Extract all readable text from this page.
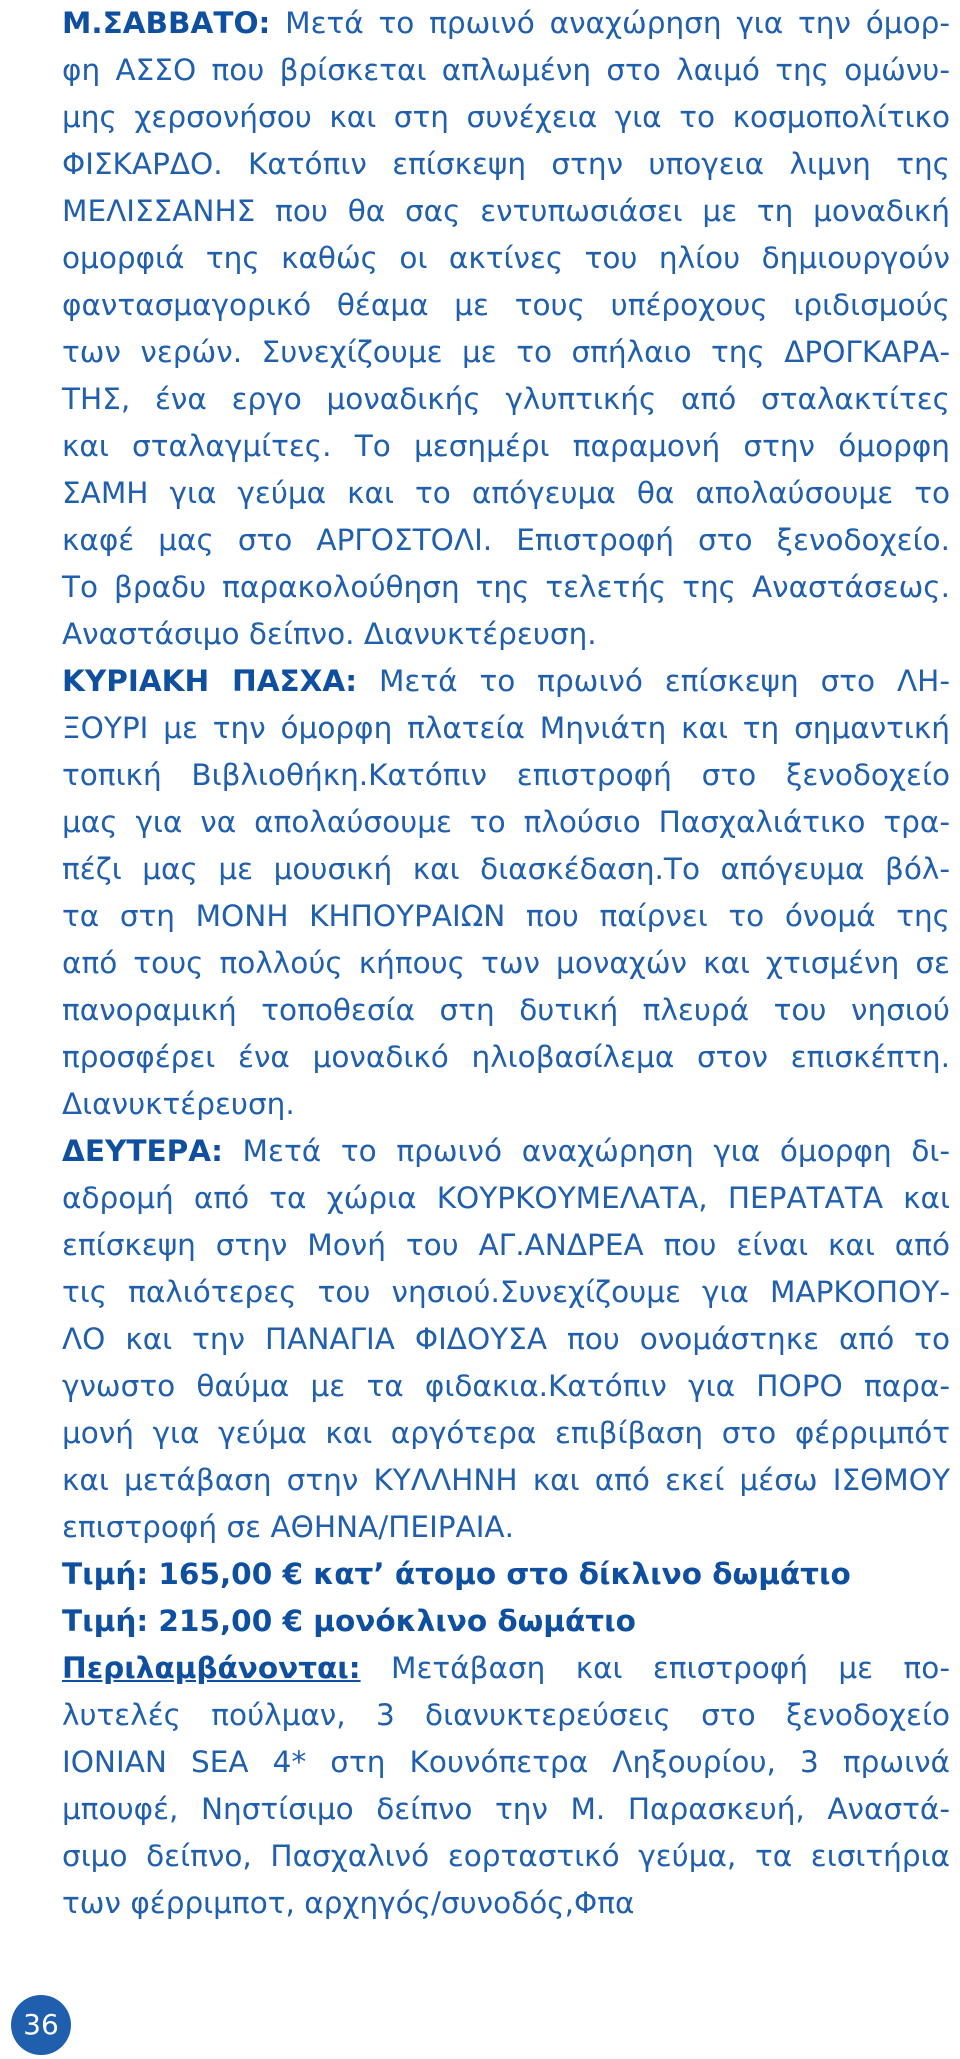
Μ.ΣΑΒΒΑΤΟ: Μετά το πρωινό αναχώρηση για την όμορ-
φη ΑΣΣΟ που βρίσκεται απλωμένη στο λαιμό της ομώνυ-
μης χερσονήσου και στη συνέχεια για το κοσμοπολίτικο
ΦΙΣΚΑΡΔΟ. Κατόπιν επίσκεψη στην υπογεια λιμνη της
ΜΕΛΙΣΣΑΝΗΣ που θα σας εντυπωσιάσει με τη μοναδική
ομορφιά της καθώς οι ακτίνες του ηλίου δημιουργούν
φαντασμαγορικό θέαμα με τους υπέροχους ιριδισμούς
των νερών. Συνεχίζουμε με το σπήλαιο της ΔΡΟΓΚΑΡΑ-
ΤΗΣ, ένα εργο μοναδικής γλυπτικής από σταλακτίτες
και σταλαγμίτες. Το μεσημέρι παραμονή στην όμορφη
ΣΑΜΗ για γεύμα και το απόγευμα θα απολαύσουμε το
καφέ μας στο ΑΡΓΟΣΤΟΛΙ. Επιστροφή στο ξενοδοχείο.
Το βραδυ παρακολούθηση της τελετής της Αναστάσεως.
Αναστάσιμο δείπνο. Διανυκτέρευση.
ΚΥΡΙΑΚΗ ΠΑΣΧΑ: Μετά το πρωινό επίσκεψη στο ΛΗ-
ΞΟΥΡΙ με την όμορφη πλατεία Μηνιάτη και τη σημαντική
τοπική Βιβλιοθήκη.Κατόπιν επιστροφή στο ξενοδοχείο
μας για να απολαύσουμε το πλούσιο Πασχαλιάτικο τρα-
πέζι μας με μουσική και διασκέδαση.Το απόγευμα βόλ-
τα στη ΜΟΝΗ ΚΗΠΟΥΡΑΙΩΝ που παίρνει το όνομά της
από τους πολλούς κήπους των μοναχών και χτισμένη σε
πανοραμική τοποθεσία στη δυτική πλευρά του νησιού
προσφέρει ένα μοναδικό ηλιοβασίλεμα στον επισκέπτη.
Διανυκτέρευση.
ΔΕΥΤΕΡΑ: Μετά το πρωινό αναχώρηση για όμορφη δι-
αδρομή από τα χώρια ΚΟΥΡΚΟΥΜΕΛΑΤΑ, ΠΕΡΑΤΑΤΑ και
επίσκεψη στην Μονή του ΑΓ.ΑΝΔΡΕΑ που είναι και από
τις παλιότερες του νησιού.Συνεχίζουμε για ΜΑΡΚΟΠΟΥ-
ΛΟ και την ΠΑΝΑΓΙΑ ΦΙΔΟΥΣΑ που ονομάστηκε από το
γνωστο θαύμα με τα φιδακια.Κατόπιν για ΠΟΡΟ παρα-
μονή για γεύμα και αργότερα επιβίβαση στο φέρριμπότ
και μετάβαση στην ΚΥΛΛΗΝΗ και από εκεί μέσω ΙΣΘΜΟΥ
επιστροφή σε ΑΘΗΝΑ/ΠΕΙΡΑΙΑ.

Τιμή: 165,00 € κατ’ άτομο στο δίκλινο δωμάτιο

Τιμή: 215,00 € μονόκλινο δωμάτιο

Περιλαμβάνονται: Μετάβαση και επιστροφή με πο-
λυτελές πούλμαν, 3 διανυκτερεύσεις στο ξενοδοχείο
IONIAN SEA 4* στη Κουνόπετρα Ληξουρίου, 3 πρωινά
μπουφέ, Νηστίσιμο δείπνο την Μ. Παρασκευή, Αναστά-
σιμο δείπνο, Πασχαλινό εορταστικό γεύμα, τα εισιτήρια
των φέρριμποτ, αρχηγός/συνοδός,Φπα
36
